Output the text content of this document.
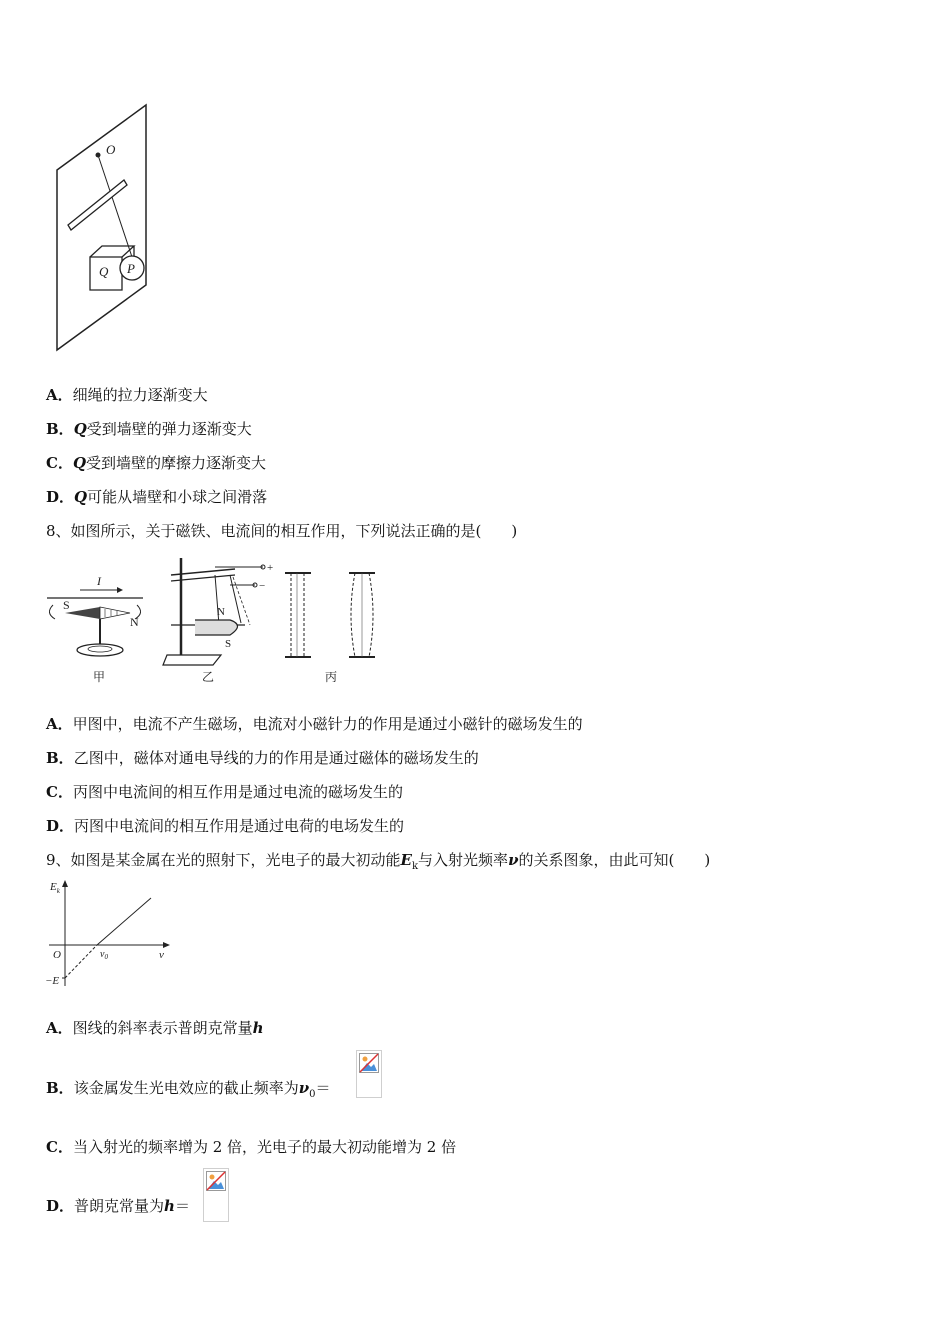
O
Q P
A．细绳的拉力逐渐变大
B．Q受到墙壁的弹力逐渐变大
C．Q受到墙壁的摩擦力逐渐变大
D．Q可能从墙壁和小球之间滑落
8、如图所示，关于磁铁、电流间的相互作用，下列说法正确的是(　　)
I
S
N
甲
+
−
N
S
乙	丙
A．甲图中，电流不产生磁场，电流对小磁针力的作用是通过小磁针的磁场发生的
B．乙图中，磁体对通电导线的力的作用是通过磁体的磁场发生的
C．丙图中电流间的相互作用是通过电流的磁场发生的
D．丙图中电流间的相互作用是通过电荷的电场发生的
9、如图是某金属在光的照射下，光电子的最大初动能$E_k$与入射光频率ν的关系图象，由此可知(　　)
$E_k$
ν
O	$\nu_0$
−E
A．图线的斜率表示普朗克常量h
B．该金属发生光电效应的截止频率为$\nu_0=$
C．当入射光的频率增为 2 倍，光电子的最大初动能增为 2 倍
D．普朗克常量为h＝
